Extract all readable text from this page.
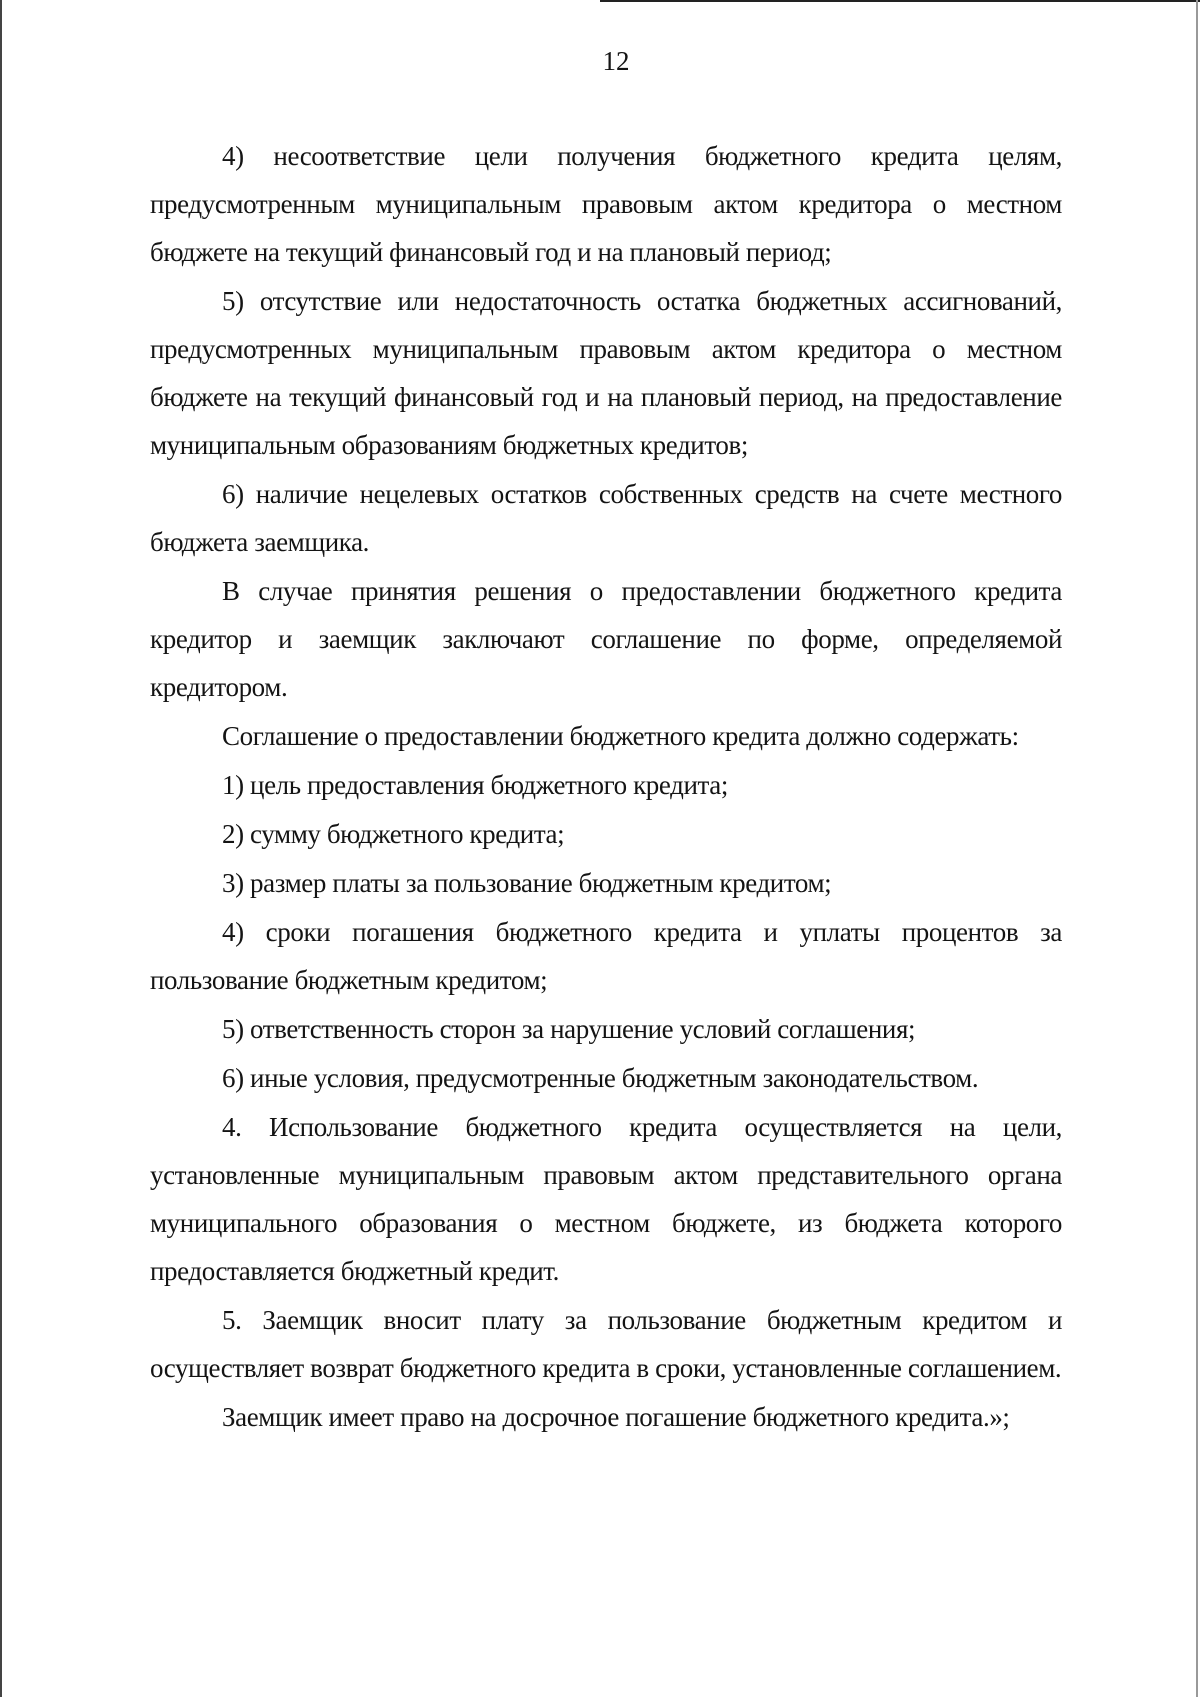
12

4) несоответствие цели получения бюджетного кредита целям, предусмотренным муниципальным правовым актом кредитора о местном бюджете на текущий финансовый год и на плановый период;

5) отсутствие или недостаточность остатка бюджетных ассигнований, предусмотренных муниципальным правовым актом кредитора о местном бюджете на текущий финансовый год и на плановый период, на предоставление муниципальным образованиям бюджетных кредитов;

6) наличие нецелевых остатков собственных средств на счете местного бюджета заемщика.

В случае принятия решения о предоставлении бюджетного кредита кредитор и заемщик заключают соглашение по форме, определяемой кредитором.

Соглашение о предоставлении бюджетного кредита должно содержать:

1) цель предоставления бюджетного кредита;

2) сумму бюджетного кредита;

3) размер платы за пользование бюджетным кредитом;

4) сроки погашения бюджетного кредита и уплаты процентов за пользование бюджетным кредитом;

5) ответственность сторон за нарушение условий соглашения;

6) иные условия, предусмотренные бюджетным законодательством.

4. Использование бюджетного кредита осуществляется на цели, установленные муниципальным правовым актом представительного органа муниципального образования о местном бюджете, из бюджета которого предоставляется бюджетный кредит.

5. Заемщик вносит плату за пользование бюджетным кредитом и осуществляет возврат бюджетного кредита в сроки, установленные соглашением.

Заемщик имеет право на досрочное погашение бюджетного кредита.»;
